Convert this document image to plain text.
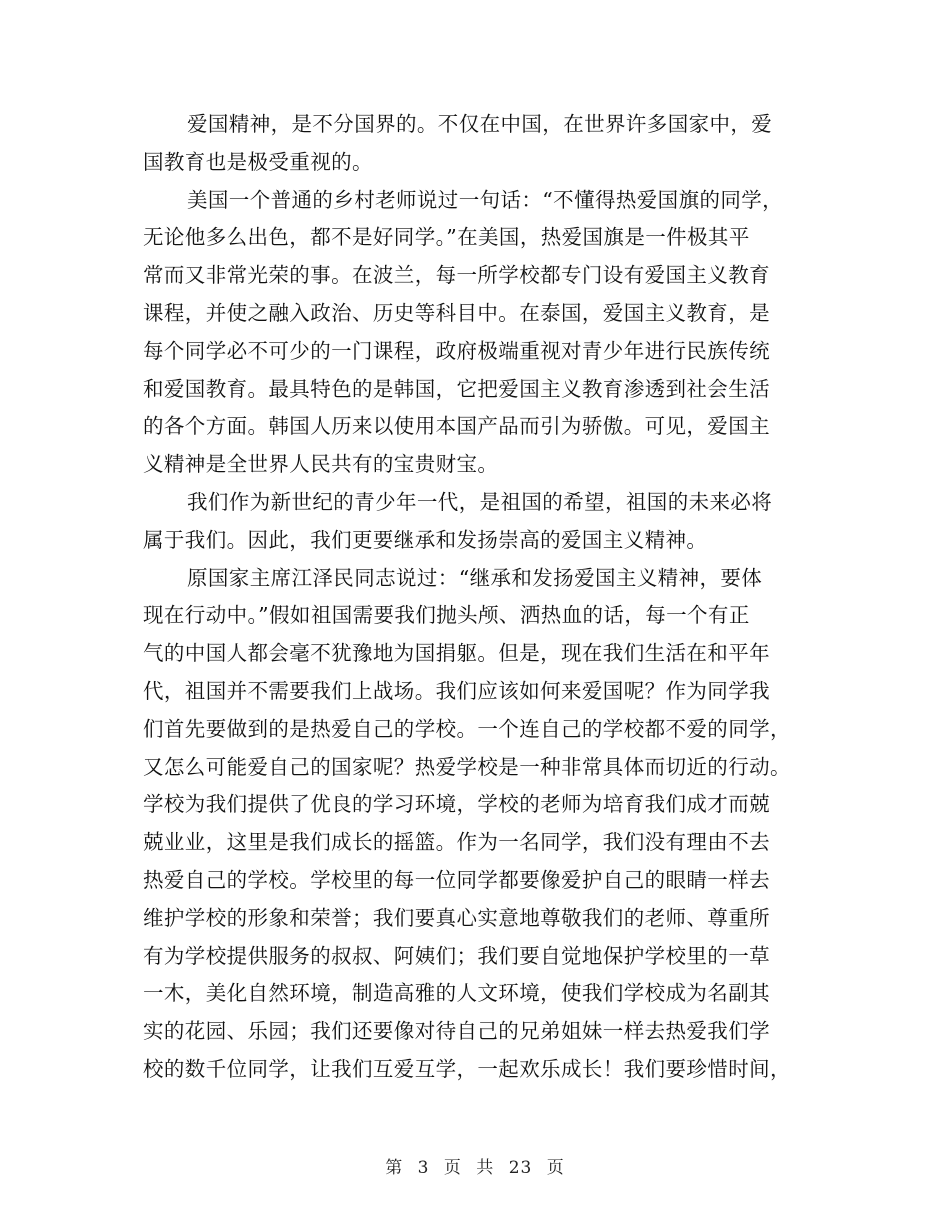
爱国精神，是不分国界的。不仅在中国，在世界许多国家中，爱
国教育也是极受重视的。
美国一个普通的乡村老师说过一句话：“不懂得热爱国旗的同学，
无论他多么出色，都不是好同学。”在美国，热爱国旗是一件极其平
常而又非常光荣的事。在波兰，每一所学校都专门设有爱国主义教育
课程，并使之融入政治、历史等科目中。在泰国，爱国主义教育，是
每个同学必不可少的一门课程，政府极端重视对青少年进行民族传统
和爱国教育。最具特色的是韩国，它把爱国主义教育渗透到社会生活
的各个方面。韩国人历来以使用本国产品而引为骄傲。可见，爱国主
义精神是全世界人民共有的宝贵财宝。
我们作为新世纪的青少年一代，是祖国的希望，祖国的未来必将
属于我们。因此，我们更要继承和发扬崇高的爱国主义精神。
原国家主席江泽民同志说过：“继承和发扬爱国主义精神，要体
现在行动中。”假如祖国需要我们抛头颅、洒热血的话，每一个有正
气的中国人都会毫不犹豫地为国捐躯。但是，现在我们生活在和平年
代，祖国并不需要我们上战场。我们应该如何来爱国呢？作为同学我
们首先要做到的是热爱自己的学校。一个连自己的学校都不爱的同学，
又怎么可能爱自己的国家呢？热爱学校是一种非常具体而切近的行动。
学校为我们提供了优良的学习环境，学校的老师为培育我们成才而兢
兢业业，这里是我们成长的摇篮。作为一名同学，我们没有理由不去
热爱自己的学校。学校里的每一位同学都要像爱护自己的眼睛一样去
维护学校的形象和荣誉；我们要真心实意地尊敬我们的老师、尊重所
有为学校提供服务的叔叔、阿姨们；我们要自觉地保护学校里的一草
一木，美化自然环境，制造高雅的人文环境，使我们学校成为名副其
实的花园、乐园；我们还要像对待自己的兄弟姐妹一样去热爱我们学
校的数千位同学，让我们互爱互学，一起欢乐成长！我们要珍惜时间，
第 3 页 共 23 页
